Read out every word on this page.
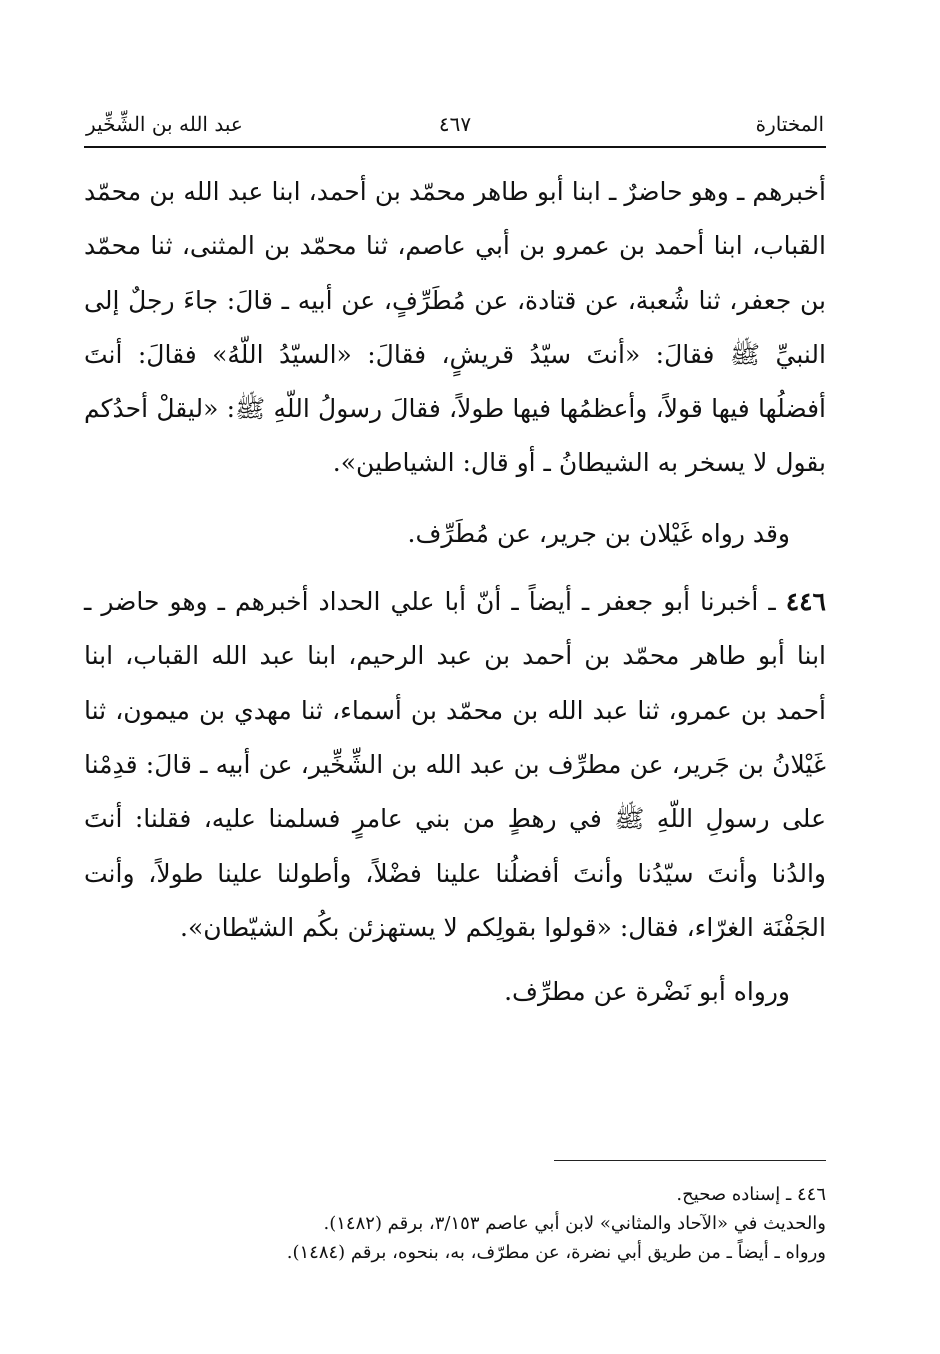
المختارة
٤٦٧
عبد الله بن الشِّخِّير

أخبرهم ـ وهو حاضرٌ ـ ابنا أبو طاهر محمّد بن أحمد، ابنا عبد الله بن محمّد القباب، ابنا أحمد بن عمرو بن أبي عاصم، ثنا محمّد بن المثنى، ثنا محمّد بن جعفر، ثنا شُعبة، عن قتادة، عن مُطَرِّفٍ، عن أبيه ـ قالَ: جاءَ رجلٌ إلى النبيِّ ﷺ فقالَ: «أنتَ سيّدُ قريشٍ، فقالَ: «السيّدُ اللّهُ» فقالَ: أنتَ أفضلُها فيها قولاً، وأعظمُها فيها طولاً، فقالَ رسولُ اللّهِ ﷺ: «ليقلْ أحدُكم بقول لا يسخر به الشيطانُ ـ أو قال: الشياطين».

وقد رواه غَيْلان بن جرير، عن مُطَرِّف.

٤٤٦ ـ أخبرنا أبو جعفر ـ أيضاً ـ أنّ أبا علي الحداد أخبرهم ـ وهو حاضر ـ ابنا أبو طاهر محمّد بن أحمد بن عبد الرحيم، ابنا عبد الله القباب، ابنا أحمد بن عمرو، ثنا عبد الله بن محمّد بن أسماء، ثنا مهدي بن ميمون، ثنا غَيْلانُ بن جَرير، عن مطرِّف بن عبد الله بن الشِّخِّير، عن أبيه ـ قالَ: قدِمْنا على رسولِ اللّهِ ﷺ في رهطٍ من بني عامرٍ فسلمنا عليه، فقلنا: أنتَ والدُنا وأنتَ سيّدُنا وأنتَ أفضلُنا علينا فضْلاً، وأطولنا علينا طولاً، وأنت الجَفْنَة الغرّاء، فقال: «قولوا بقولِكم لا يستهزئن بكُم الشيّطان».

ورواه أبو نَضْرة عن مطرِّف.

٤٤٦ ـ إسناده صحيح.

والحديث في «الآحاد والمثاني» لابن أبي عاصم ٣/١٥٣، برقم (١٤٨٢).

ورواه ـ أيضاً ـ من طريق أبي نضرة، عن مطرّف، به، بنحوه، برقم (١٤٨٤).
